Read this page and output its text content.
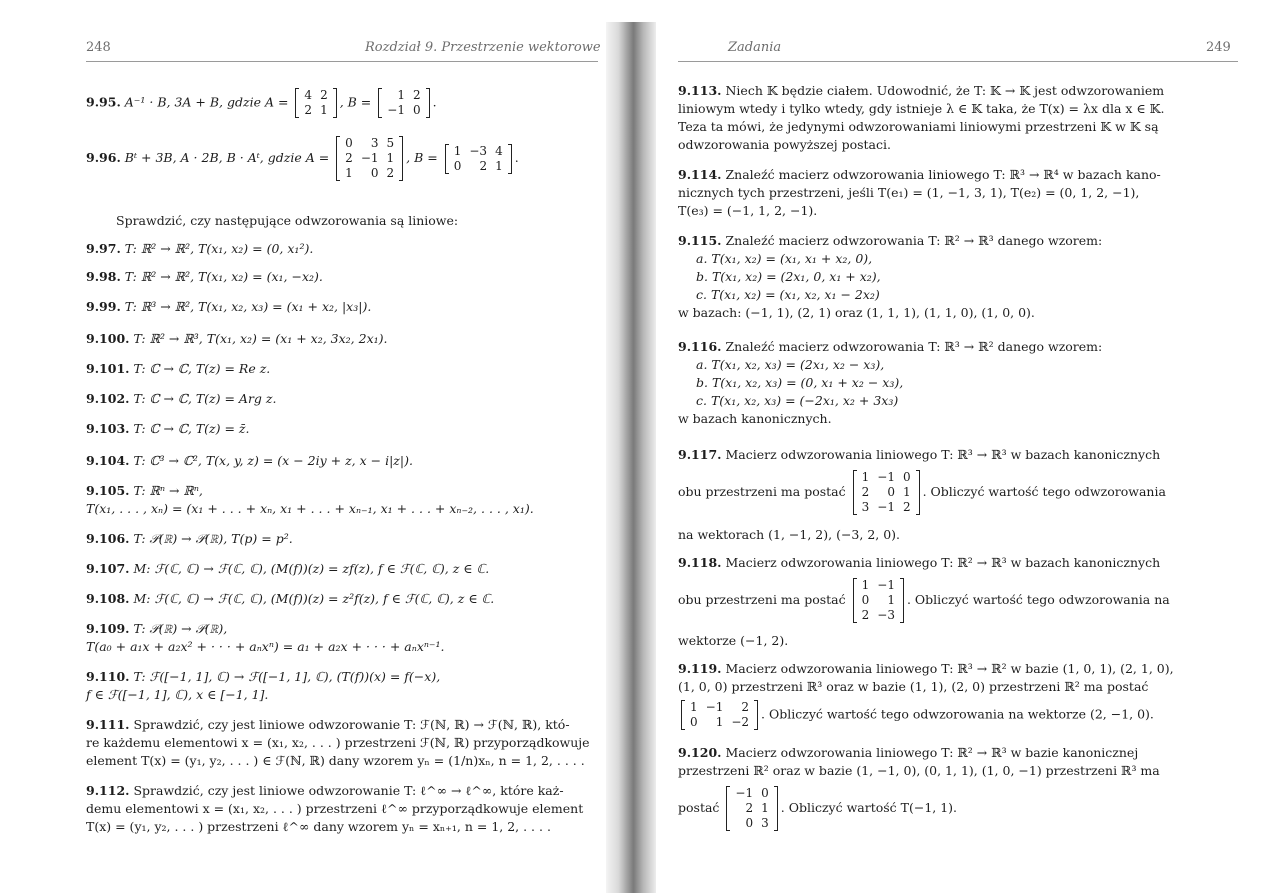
248	Rozdział 9. Przestrzenie wektorowe
9.95. A⁻¹ · B, 3A + B, gdzie A = 4	2
2	1
, B = 1	2
−1	0
.
9.96. Bᵗ + 3B, A · 2B, B · Aᵗ, gdzie A =
0	3	5
2	−1	1
1	0	2
, B = 1	−3	4
0	2	1
.
Sprawdzić, czy następujące odwzorowania są liniowe:
9.97. T: ℝ² → ℝ², T(x₁, x₂) = (0, x₁²).
9.98. T: ℝ² → ℝ², T(x₁, x₂) = (x₁, −x₂).
9.99. T: ℝ³ → ℝ², T(x₁, x₂, x₃) = (x₁ + x₂, |x₃|).
9.100. T: ℝ² → ℝ³, T(x₁, x₂) = (x₁ + x₂, 3x₂, 2x₁).
9.101. T: ℂ → ℂ, T(z) = Re z.
9.102. T: ℂ → ℂ, T(z) = Arg z.
9.103. T: ℂ → ℂ, T(z) = z̄.
9.104. T: ℂ³ → ℂ², T(x, y, z) = (x − 2iy + z, x − i|z|).
9.105. T: ℝⁿ → ℝⁿ,
T(x₁, . . . , xₙ) = (x₁ + . . . + xₙ, x₁ + . . . + xₙ₋₁, x₁ + . . . + xₙ₋₂, . . . , x₁).
9.106. T: 𝒫(ℝ) → 𝒫(ℝ), T(p) = p².
9.107. M: ℱ(ℂ, ℂ) → ℱ(ℂ, ℂ), (M(f))(z) = zf(z), f ∈ ℱ(ℂ, ℂ), z ∈ ℂ.
9.108. M: ℱ(ℂ, ℂ) → ℱ(ℂ, ℂ), (M(f))(z) = z²f(z), f ∈ ℱ(ℂ, ℂ), z ∈ ℂ.
9.109. T: 𝒫(ℝ) → 𝒫(ℝ),
T(a₀ + a₁x + a₂x² + · · · + aₙxⁿ) = a₁ + a₂x + · · · + aₙxⁿ⁻¹.
9.110. T: ℱ([−1, 1], ℂ) → ℱ([−1, 1], ℂ), (T(f))(x) = f(−x),
f ∈ ℱ([−1, 1], ℂ), x ∈ [−1, 1].
9.111. Sprawdzić, czy jest liniowe odwzorowanie T: ℱ(ℕ, ℝ) → ℱ(ℕ, ℝ), któ-
re każdemu elementowi x = (x₁, x₂, . . . ) przestrzeni ℱ(ℕ, ℝ) przyporządkowuje
element T(x) = (y₁, y₂, . . . ) ∈ ℱ(ℕ, ℝ) dany wzorem yₙ = (1/n)xₙ, n = 1, 2, . . . .
9.112. Sprawdzić, czy jest liniowe odwzorowanie T: ℓ^∞ → ℓ^∞, które każ-
demu elementowi x = (x₁, x₂, . . . ) przestrzeni ℓ^∞ przyporządkowuje element
T(x) = (y₁, y₂, . . . ) przestrzeni ℓ^∞ dany wzorem yₙ = xₙ₊₁, n = 1, 2, . . . .
Zadania	249
9.113. Niech 𝕂 będzie ciałem. Udowodnić, że T: 𝕂 → 𝕂 jest odwzorowaniem
liniowym wtedy i tylko wtedy, gdy istnieje λ ∈ 𝕂 taka, że T(x) = λx dla x ∈ 𝕂.
Teza ta mówi, że jedynymi odwzorowaniami liniowymi przestrzeni 𝕂 w 𝕂 są
odwzorowania powyższej postaci.
9.114. Znaleźć macierz odwzorowania liniowego T: ℝ³ → ℝ⁴ w bazach kano-
nicznych tych przestrzeni, jeśli T(e₁) = (1, −1, 3, 1), T(e₂) = (0, 1, 2, −1),
T(e₃) = (−1, 1, 2, −1).
9.115. Znaleźć macierz odwzorowania T: ℝ² → ℝ³ danego wzorem:
a. T(x₁, x₂) = (x₁, x₁ + x₂, 0),
b. T(x₁, x₂) = (2x₁, 0, x₁ + x₂),
c. T(x₁, x₂) = (x₁, x₂, x₁ − 2x₂)
w bazach: (−1, 1), (2, 1) oraz (1, 1, 1), (1, 1, 0), (1, 0, 0).
9.116. Znaleźć macierz odwzorowania T: ℝ³ → ℝ² danego wzorem:
a. T(x₁, x₂, x₃) = (2x₁, x₂ − x₃),
b. T(x₁, x₂, x₃) = (0, x₁ + x₂ − x₃),
c. T(x₁, x₂, x₃) = (−2x₁, x₂ + 3x₃)
w bazach kanonicznych.
9.117. Macierz odwzorowania liniowego T: ℝ³ → ℝ³ w bazach kanonicznych
obu przestrzeni ma postać
1	−1	0
2	0	1
3	−1	2
. Obliczyć wartość tego odwzorowania
na wektorach (1, −1, 2), (−3, 2, 0).
9.118. Macierz odwzorowania liniowego T: ℝ² → ℝ³ w bazach kanonicznych
obu przestrzeni ma postać
1	−1
0	1
2	−3
. Obliczyć wartość tego odwzorowania na
wektorze (−1, 2).
9.119. Macierz odwzorowania liniowego T: ℝ³ → ℝ² w bazie (1, 0, 1), (2, 1, 0),
(1, 0, 0) przestrzeni ℝ³ oraz w bazie (1, 1), (2, 0) przestrzeni ℝ² ma postać
1	−1	2
0	1	−2
. Obliczyć wartość tego odwzorowania na wektorze (2, −1, 0).
9.120. Macierz odwzorowania liniowego T: ℝ² → ℝ³ w bazie kanonicznej
przestrzeni ℝ² oraz w bazie (1, −1, 0), (0, 1, 1), (1, 0, −1) przestrzeni ℝ³ ma
postać
−1	0
2	1
0	3
. Obliczyć wartość T(−1, 1).
